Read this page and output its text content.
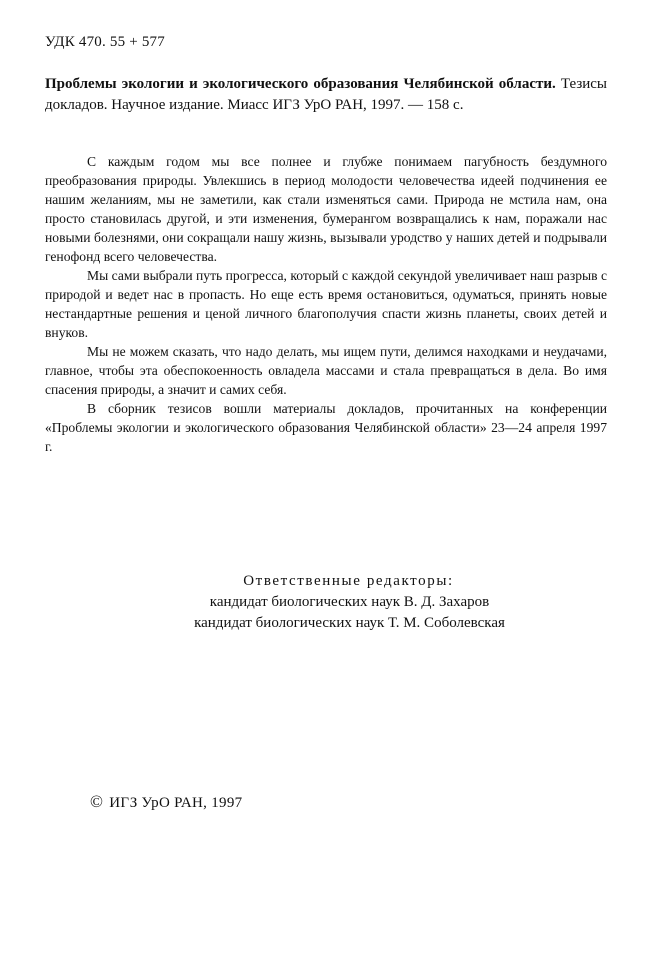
УДК 470. 55 + 577
Проблемы экологии и экологического образования Челябинской области. Тезисы докладов. Научное издание. Миасс ИГЗ УрО РАН, 1997. — 158 с.

С каждым годом мы все полнее и глубже понимаем пагубность бездумного преобразования природы. Увлекшись в период молодости человечества идеей подчинения ее нашим желаниям, мы не заметили, как стали изменяться сами. Природа не мстила нам, она просто становилась другой, и эти изменения, бумерангом возвращались к нам, поражали нас новыми болезнями, они сокращали нашу жизнь, вызывали уродство у наших детей и подрывали генофонд всего человечества.

Мы сами выбрали путь прогресса, который с каждой секундой увеличивает наш разрыв с природой и ведет нас в пропасть. Но еще есть время остановиться, одуматься, принять новые нестандартные решения и ценой личного благополучия спасти жизнь планеты, своих детей и внуков.

Мы не можем сказать, что надо делать, мы ищем пути, делимся находками и неудачами, главное, чтобы эта обеспокоенность овладела массами и стала превращаться в дела. Во имя спасения природы, а значит и самих себя.

В сборник тезисов вошли материалы докладов, прочитанных на конференции «Проблемы экологии и экологического образования Челябинской области» 23—24 апреля 1997 г.

Ответственные редакторы:
кандидат биологических наук В. Д. Захаров
кандидат биологических наук Т. М. Соболевская
© ИГЗ УрО РАН, 1997
